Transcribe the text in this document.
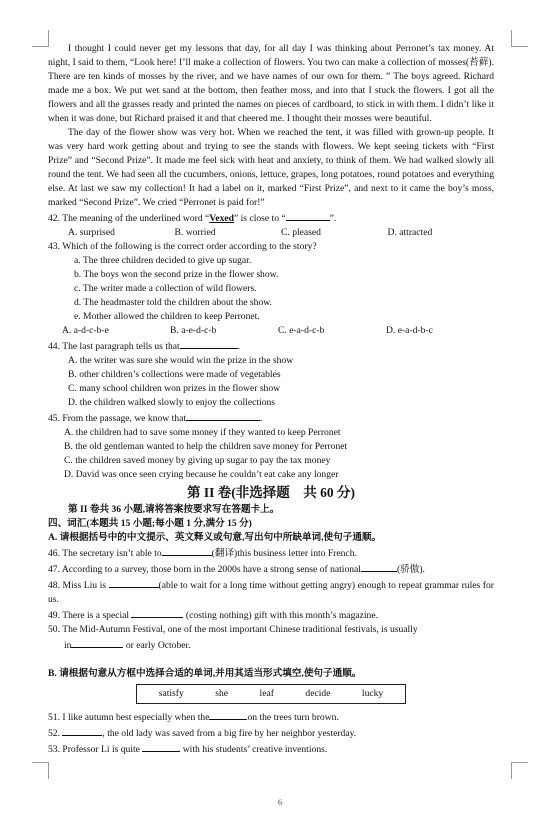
I thought I could never get my lessons that day, for all day I was thinking about Perronet’s tax money. At night, I said to them, “Look here! I’ll make a collection of flowers. You two can make a collection of mosses(苔藓). There are ten kinds of mosses by the river, and we have names of our own for them. ” The boys agreed. Richard made me a box. We put wet sand at the bottom, then feather moss, and into that I stuck the flowers. I got all the flowers and all the grasses ready and printed the names on pieces of cardboard, to stick in with them. I didn’t like it when it was done, but Richard praised it and that cheered me. I thought their mosses were beautiful.

The day of the flower show was very hot. When we reached the tent, it was filled with grown-up people. It was very hard work getting about and trying to see the stands with flowers. We kept seeing tickets with “First Prize” and “Second Prize”. It made me feel sick with heat and anxiety, to think of them. We had walked slowly all round the tent. We had seen all the cucumbers, onions, lettuce, grapes, long potatoes, round potatoes and everything else. At last we saw my collection! It had a label on it, marked “First Prize”, and next to it came the boy’s moss, marked “Second Prize”. We cried “Perronet is paid for!”

42. The meaning of the underlined word “Vexed” is close to “	”.

A. surprised	B. worried	C. pleased	D. attracted

43. Which of the following is the correct order according to the story?

a. The three children decided to give up sugar.

b. The boys won the second prize in the flower show.

c. The writer made a collection of wild flowers.

d. The headmaster told the children about the show.

e. Mother allowed the children to keep Perronet.

A. a-d-c-b-e	B. a-e-d-c-b	C. e-a-d-c-b	D. e-a-d-b-c

44. The last paragraph tells us that	.

A. the writer was sure she would win the prize in the show

B. other children’s collections were made of vegetables

C. many school children won prizes in the flower show

D. the children walked slowly to enjoy the collections

45. From the passage, we know that	.

A. the children had to save some money if they wanted to keep Perronet

B. the old gentleman wanted to help the children save money for Perronet

C. the children saved money by giving up sugar to pay the tax money

D. David was once seen crying because he couldn’t eat cake any longer

第 II 卷(非选择题　共 60 分)

第 II 卷共 36 小题,请将答案按要求写在答题卡上。

四、词汇(本题共 15 小题;每小题 1 分,满分 15 分)

A. 请根据括号中的中文提示、英文释义或句意,写出句中所缺单词,使句子通顺。

46. The secretary isn’t able to	(翻译)this business letter into French.

47. According to a survey, those born in the 2000s have a strong sense of national	(骄傲).

48. Miss Liu is	(able to wait for a long time without getting angry) enough to repeat grammar rules for us.

49. There is a special	(costing nothing) gift with this month’s magazine.

50. The Mid-Autumn Festival, one of the most important Chinese traditional festivals, is usually

in	or early October.

B. 请根据句意从方框中选择合适的单词,并用其适当形式填空,使句子通顺。

satisfy	she	leaf	decide	lucky

51. I like autumn best especially when the	on the trees turn brown.

52.	, the old lady was saved from a big fire by her neighbor yesterday.

53. Professor Li is quite	with his students’ creative inventions.

6
